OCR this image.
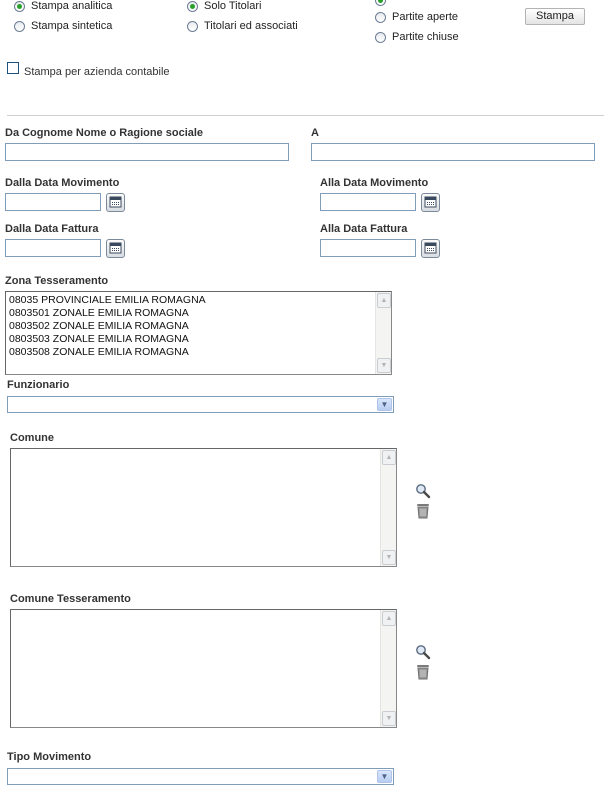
Stampa analitica
Stampa sintetica
Solo Titolari
Titolari ed associati
Partite aperte
Partite chiuse
Stampa
Stampa per azienda contabile
Da Cognome Nome o Ragione sociale	A
Dalla Data Movimento	Alla Data Movimento
Dalla Data Fattura	Alla Data Fattura
Zona Tesseramento
08035 PROVINCIALE EMILIA ROMAGNA
0803501 ZONALE EMILIA ROMAGNA
0803502 ZONALE EMILIA ROMAGNA
0803503 ZONALE EMILIA ROMAGNA
0803508 ZONALE EMILIA ROMAGNA
▲
▼
Funzionario
▼
Comune
▲
▼
Comune Tesseramento
▲
▼
Tipo Movimento
▼
